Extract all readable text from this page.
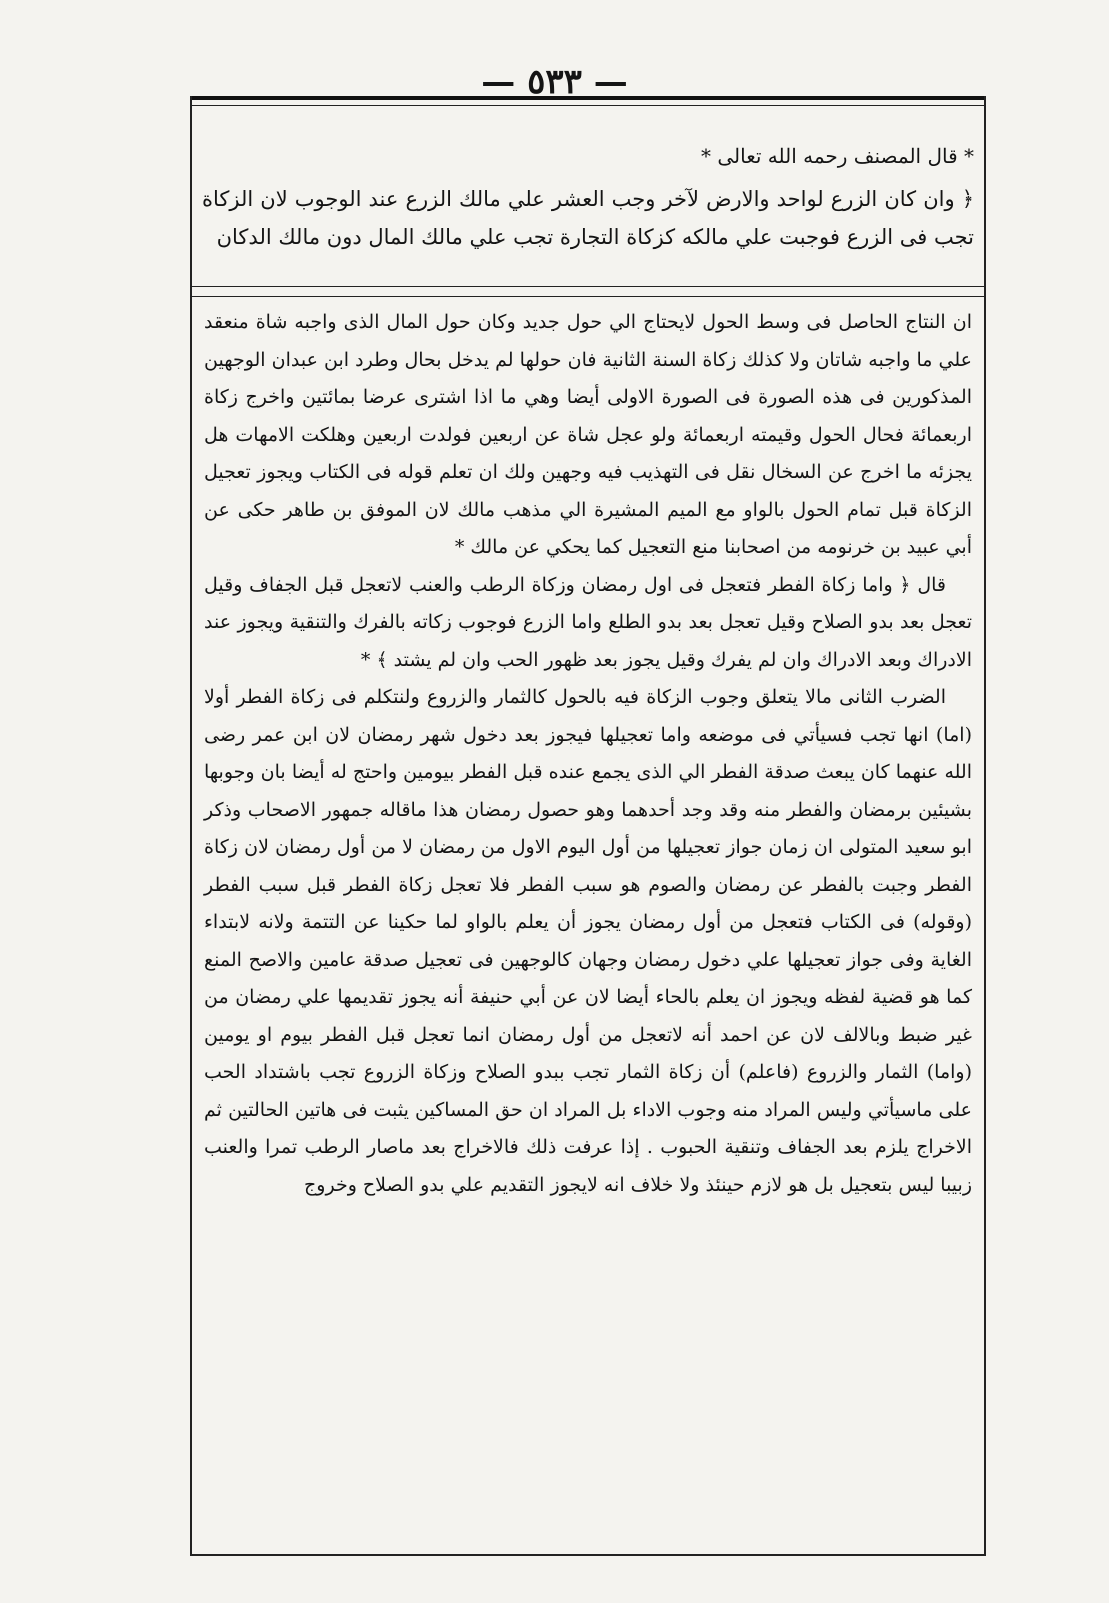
— ٥٣٣ —

* قال المصنف رحمه الله تعالى *

﴿ وان كان الزرع لواحد والارض لآخر وجب العشر علي مالك الزرع عند الوجوب لان الزكاة تجب فى الزرع فوجبت علي مالكه كزكاة التجارة تجب علي مالك المال دون مالك الدكان

ان النتاج الحاصل فى وسط الحول لايحتاج الي حول جديد وكان حول المال الذى واجبه شاة منعقد علي ما واجبه شاتان ولا كذلك زكاة السنة الثانية فان حولها لم يدخل بحال وطرد ابن عبدان الوجهين المذكورين فى هذه الصورة فى الصورة الاولى أيضا وهي ما اذا اشترى عرضا بمائتين واخرج زكاة اربعمائة فحال الحول وقيمته اربعمائة ولو عجل شاة عن اربعين فولدت اربعين وهلكت الامهات هل يجزئه ما اخرج عن السخال نقل فى التهذيب فيه وجهين ولك ان تعلم قوله فى الكتاب ويجوز تعجيل الزكاة قبل تمام الحول بالواو مع الميم المشيرة الي مذهب مالك لان الموفق بن طاهر حكى عن أبي عبيد بن خرنومه من اصحابنا منع التعجيل كما يحكي عن مالك *

قال ﴿ واما زكاة الفطر فتعجل فى اول رمضان وزكاة الرطب والعنب لاتعجل قبل الجفاف وقيل تعجل بعد بدو الصلاح وقيل تعجل بعد بدو الطلع واما الزرع فوجوب زكاته بالفرك والتنقية ويجوز عند الادراك وبعد الادراك وان لم يفرك وقيل يجوز بعد ظهور الحب وان لم يشتد ﴾ *

الضرب الثانى مالا يتعلق وجوب الزكاة فيه بالحول كالثمار والزروع ولنتكلم فى زكاة الفطر أولا (اما) انها تجب فسيأتي فى موضعه واما تعجيلها فيجوز بعد دخول شهر رمضان لان ابن عمر رضى الله عنهما كان يبعث صدقة الفطر الي الذى يجمع عنده قبل الفطر بيومين واحتج له أيضا بان وجوبها بشيئين برمضان والفطر منه وقد وجد أحدهما وهو حصول رمضان هذا ماقاله جمهور الاصحاب وذكر ابو سعيد المتولى ان زمان جواز تعجيلها من أول اليوم الاول من رمضان لا من أول رمضان لان زكاة الفطر وجبت بالفطر عن رمضان والصوم هو سبب الفطر فلا تعجل زكاة الفطر قبل سبب الفطر (وقوله) فى الكتاب فتعجل من أول رمضان يجوز أن يعلم بالواو لما حكينا عن التتمة ولانه لابتداء الغاية وفى جواز تعجيلها علي دخول رمضان وجهان كالوجهين فى تعجيل صدقة عامين والاصح المنع كما هو قضية لفظه ويجوز ان يعلم بالحاء أيضا لان عن أبي حنيفة أنه يجوز تقديمها علي رمضان من غير ضبط وبالالف لان عن احمد أنه لاتعجل من أول رمضان انما تعجل قبل الفطر بيوم او يومين (واما) الثمار والزروع (فاعلم) أن زكاة الثمار تجب ببدو الصلاح وزكاة الزروع تجب باشتداد الحب على ماسيأتي وليس المراد منه وجوب الاداء بل المراد ان حق المساكين يثبت فى هاتين الحالتين ثم الاخراج يلزم بعد الجفاف وتنقية الحبوب . إذا عرفت ذلك فالاخراج بعد ماصار الرطب تمرا والعنب زبيبا ليس بتعجيل بل هو لازم حينئذ ولا خلاف انه لايجوز التقديم علي بدو الصلاح وخروج
